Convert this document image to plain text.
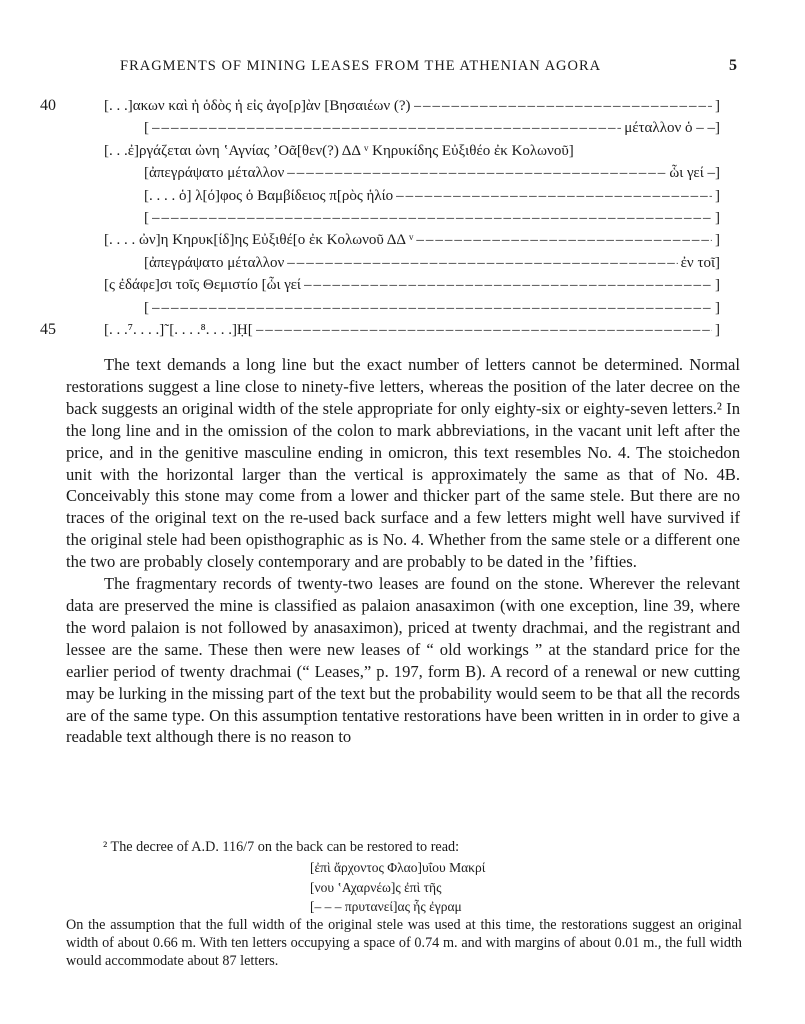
FRAGMENTS OF MINING LEASES FROM THE ATHENIAN AGORA	5
40	[. . .]ακων καὶ ἡ ὁδὸς ἡ εἰς ἀγο[ρ]ὰν [Βησαιέων (?) –––––	]
[ –––––	μέταλλον ὁ – –]
[. . .ἐ]ργάζεται ὠνη ʽΑγνίας ʼΟᾶ[θεν(?) ΔΔ ᵛ Κηρυκίδης Εὐξιθέο ἐκ Κολωνοῦ]
[ἀπεγράψατο μέταλλον –––––	ὧι γεί –]
[. . . . ὁ] λ[ό]φος ὁ Βαμβίδειος π[ρὸς ἡλίο –––––	]
[ –––––	]
[. . . . ὠν]η Κηρυκ[ίδ]ης Εὐξιθέ[ο ἐκ Κολωνοῦ ΔΔ ᵛ –––––	]
[ἀπεγράψατο μέταλλον –––––	ἐν τοῖ]
[ς ἐδάφε]σι τοῖς Θεμιστίο [ὧι γεί –––––	]
[ –––––	]
45	[. . .⁷. . . .]˜[. . . .⁸. . . .]Ḥ[ –––––	]

The text demands a long line but the exact number of letters cannot be determined. Normal restorations suggest a line close to ninety-five letters, whereas the position of the later decree on the back suggests an original width of the stele appropriate for only eighty-six or eighty-seven letters.² In the long line and in the omission of the colon to mark abbreviations, in the vacant unit left after the price, and in the genitive masculine ending in omicron, this text resembles No. 4. The stoichedon unit with the horizontal larger than the vertical is approximately the same as that of No. 4B. Conceivably this stone may come from a lower and thicker part of the same stele. But there are no traces of the original text on the re-used back surface and a few letters might well have survived if the original stele had been opisthographic as is No. 4. Whether from the same stele or a different one the two are probably closely contemporary and are probably to be dated in the ’fifties.

The fragmentary records of twenty-two leases are found on the stone. Wherever the relevant data are preserved the mine is classified as palaion anasaximon (with one exception, line 39, where the word palaion is not followed by anasaximon), priced at twenty drachmai, and the registrant and lessee are the same. These then were new leases of “ old workings ” at the standard price for the earlier period of twenty drachmai (“ Leases,” p. 197, form B). A record of a renewal or new cutting may be lurking in the missing part of the text but the probability would seem to be that all the records are of the same type. On this assumption tentative restorations have been written in in order to give a readable text although there is no reason to

² The decree of A.D. 116/7 on the back can be restored to read:
[ἐπὶ ἄρχοντος Φλαο]υΐου Μακρί
[νου ʽΑχαρνέω]ς ἐπὶ τῆς
[– – – πρυτανεί]ας ἧς ἐγραμ
On the assumption that the full width of the original stele was used at this time, the restorations suggest an original width of about 0.66 m. With ten letters occupying a space of 0.74 m. and with margins of about 0.01 m., the full width would accommodate about 87 letters.
